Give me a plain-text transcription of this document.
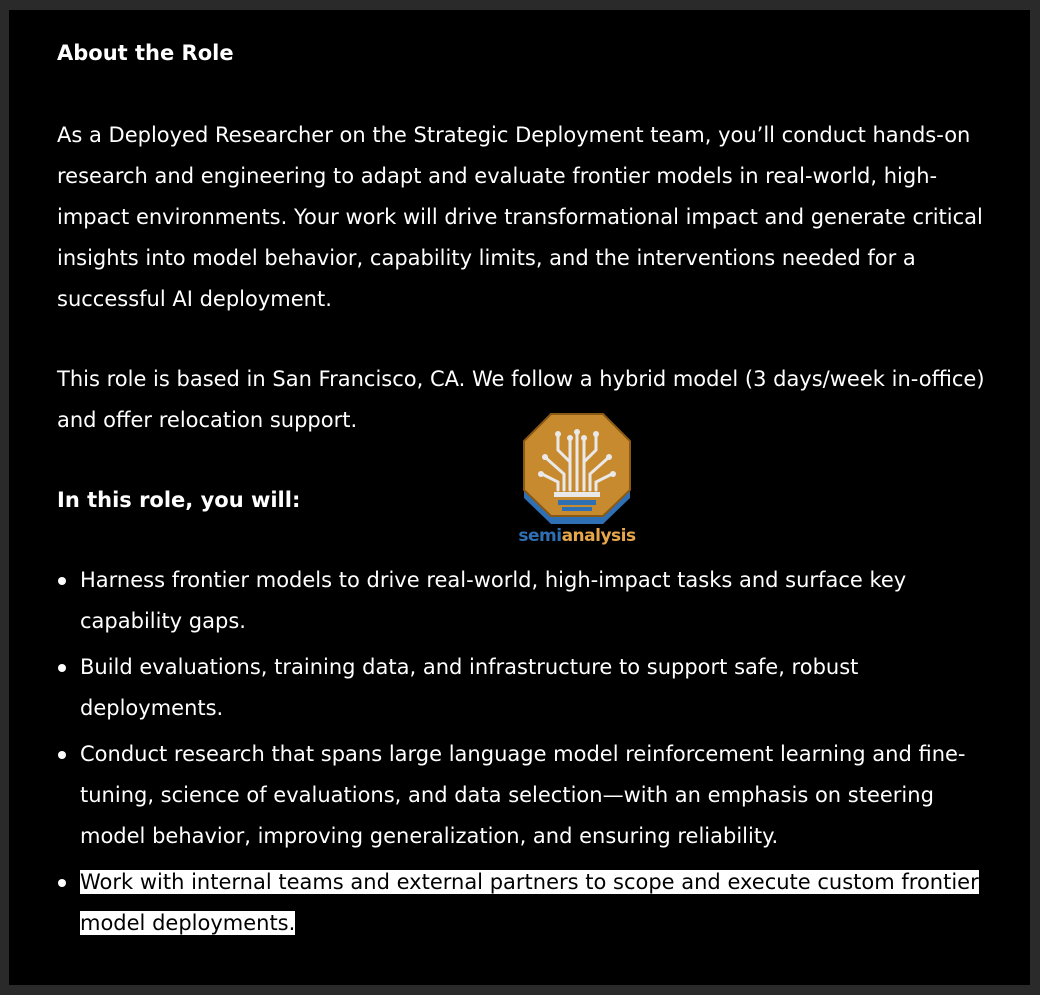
About the Role

As a Deployed Researcher on the Strategic Deployment team, you’ll conduct hands-on research and engineering to adapt and evaluate frontier models in real-world, high-impact environments. Your work will drive transformational impact and generate critical insights into model behavior, capability limits, and the interventions needed for a successful AI deployment.

This role is based in San Francisco, CA. We follow a hybrid model (3 days/week in-office) and offer relocation support.

In this role, you will:

Harness frontier models to drive real-world, high-impact tasks and surface key capability gaps.
Build evaluations, training data, and infrastructure to support safe, robust deployments.
Conduct research that spans large language model reinforcement learning and fine-tuning, science of evaluations, and data selection—with an emphasis on steering model behavior, improving generalization, and ensuring reliability.
Work with internal teams and external partners to scope and execute custom frontier model deployments.
semianalysis
